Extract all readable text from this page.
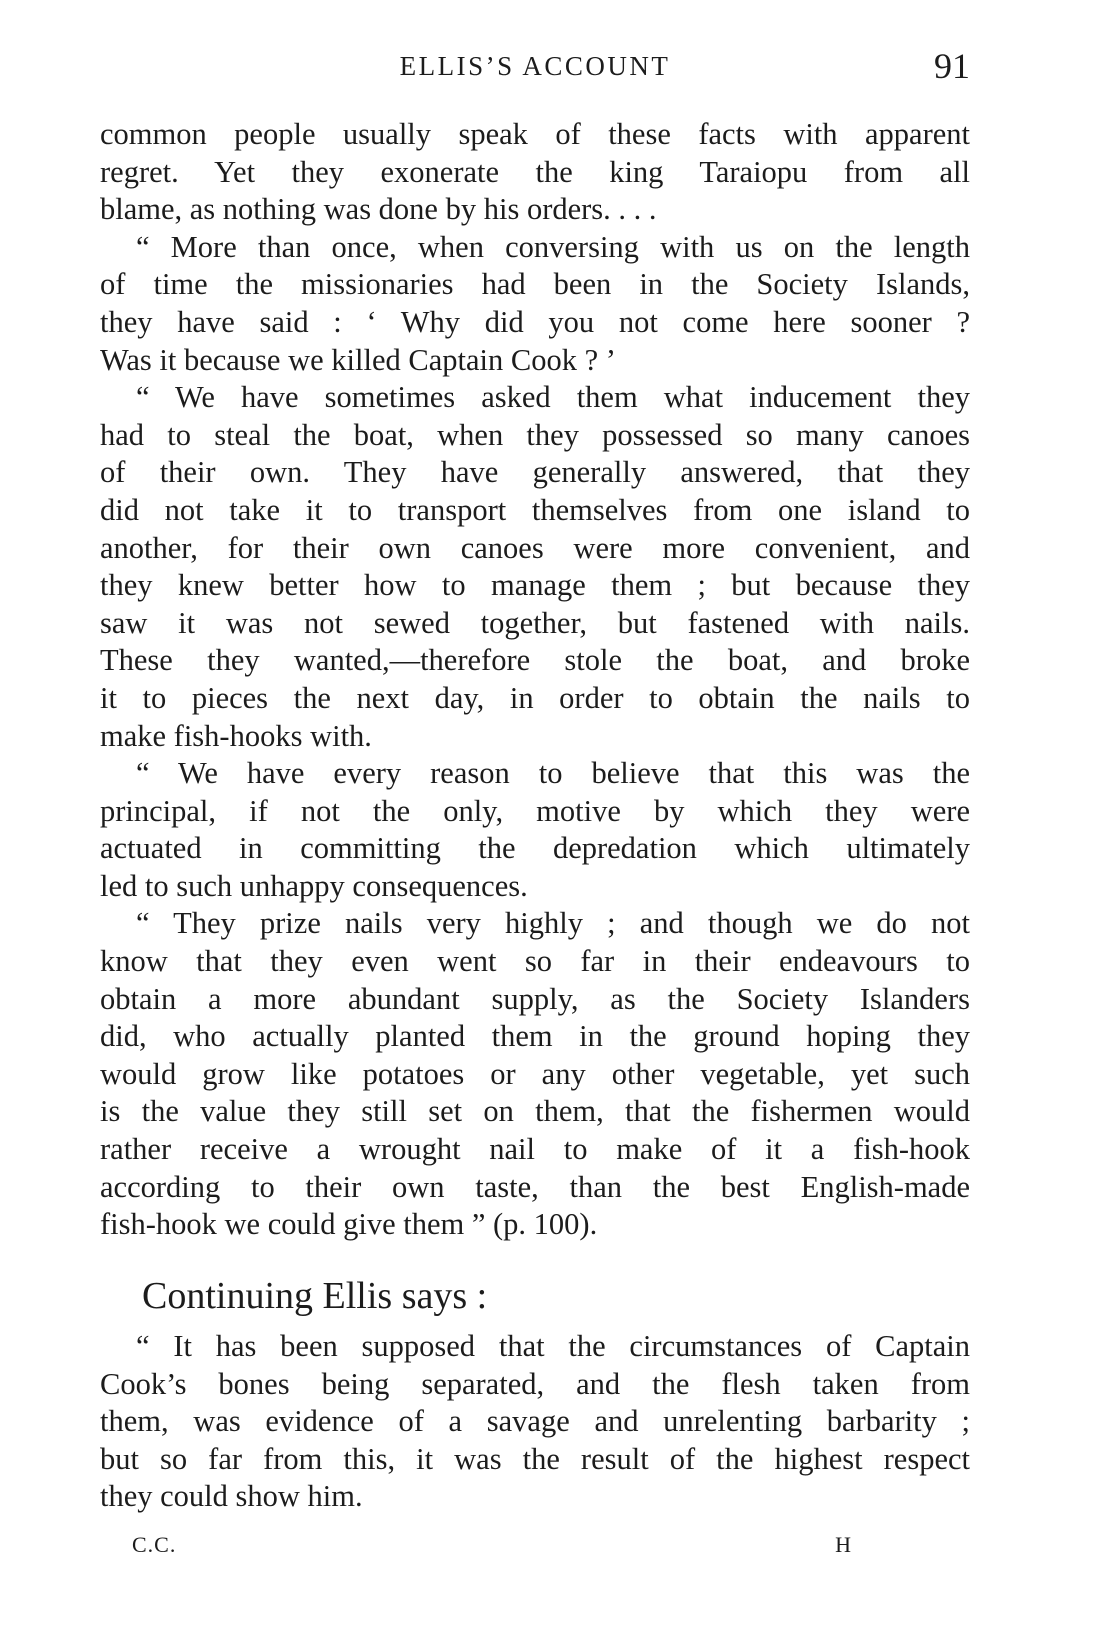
ELLIS’S ACCOUNT	91
common people usually speak of these facts with apparent
regret. Yet they exonerate the king Taraiopu from all
blame, as nothing was done by his orders. . . .
“ More than once, when conversing with us on the length
of time the missionaries had been in the Society Islands,
they have said : ‘ Why did you not come here sooner ?
Was it because we killed Captain Cook ? ’
“ We have sometimes asked them what inducement they
had to steal the boat, when they possessed so many canoes
of their own. They have generally answered, that they
did not take it to transport themselves from one island to
another, for their own canoes were more convenient, and
they knew better how to manage them ; but because they
saw it was not sewed together, but fastened with nails.
These they wanted,—therefore stole the boat, and broke
it to pieces the next day, in order to obtain the nails to
make fish-hooks with.
“ We have every reason to believe that this was the
principal, if not the only, motive by which they were
actuated in committing the depredation which ultimately
led to such unhappy consequences.
“ They prize nails very highly ; and though we do not
know that they even went so far in their endeavours to
obtain a more abundant supply, as the Society Islanders
did, who actually planted them in the ground hoping they
would grow like potatoes or any other vegetable, yet such
is the value they still set on them, that the fishermen would
rather receive a wrought nail to make of it a fish-hook
according to their own taste, than the best English-made
fish-hook we could give them ” (p. 100).
Continuing Ellis says :
“ It has been supposed that the circumstances of Captain
Cook’s bones being separated, and the flesh taken from
them, was evidence of a savage and unrelenting barbarity ;
but so far from this, it was the result of the highest respect
they could show him.
C.C.	H
